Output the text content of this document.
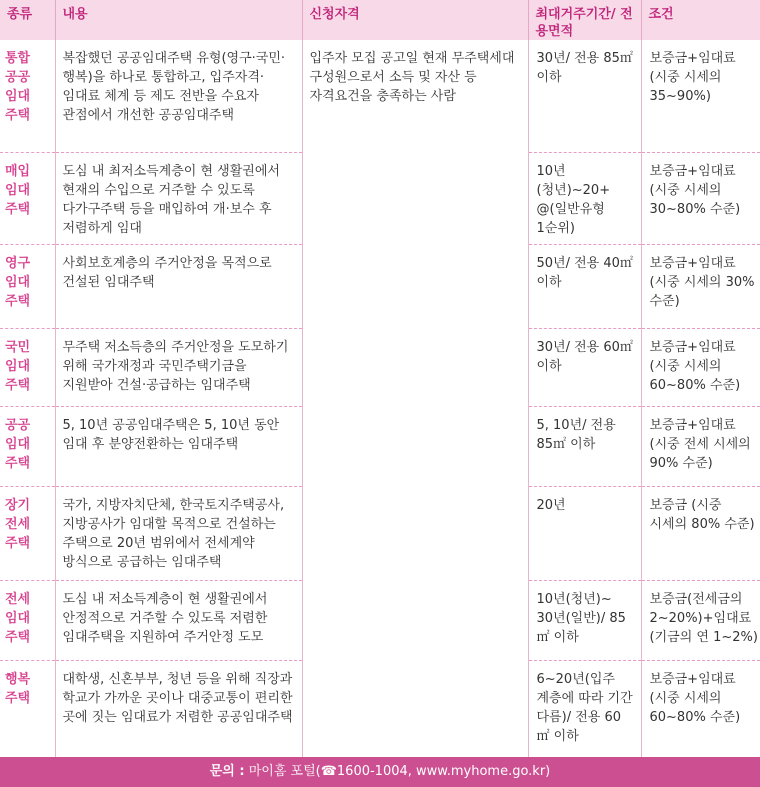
종류	내용	신청자격	최대거주기간/ 전용면적	조건
통합 공공 임대 주택	복잡했던 공공임대주택 유형(영구·국민·행복)을 하나로 통합하고, 입주자격·임대료 체계 등 제도 전반을 수요자 관점에서 개선한 공공임대주택	입주자 모집 공고일 현재 무주택세대 구성원으로서 소득 및 자산 등 자격요건을 충족하는 사람	30년/ 전용 85㎡ 이하	보증금+임대료 (시중 시세의 35~90%)
매입 임대 주택	도심 내 최저소득계층이 현 생활권에서 현재의 수입으로 거주할 수 있도록 다가구주택 등을 매입하여 개·보수 후 저렴하게 임대		10년 (청년)~20+ @(일반유형 1순위)	보증금+임대료 (시중 시세의 30~80% 수준)
영구 임대 주택	사회보호계층의 주거안정을 목적으로 건설된 임대주택		50년/ 전용 40㎡ 이하	보증금+임대료 (시중 시세의 30% 수준)
국민 임대 주택	무주택 저소득층의 주거안정을 도모하기 위해 국가재정과 국민주택기금을 지원받아 건설·공급하는 임대주택		30년/ 전용 60㎡ 이하	보증금+임대료 (시중 시세의 60~80% 수준)
공공 임대 주택	5, 10년 공공임대주택은 5, 10년 동안 임대 후 분양전환하는 임대주택		5, 10년/ 전용 85㎡ 이하	보증금+임대료 (시중 전세 시세의 90% 수준)
장기 전세 주택	국가, 지방자치단체, 한국토지주택공사, 지방공사가 임대할 목적으로 건설하는 주택으로 20년 범위에서 전세계약 방식으로 공급하는 임대주택		20년	보증금 (시중 시세의 80% 수준)
전세 임대 주택	도심 내 저소득계층이 현 생활권에서 안정적으로 거주할 수 있도록 저렴한 임대주택을 지원하여 주거안정 도모		10년(청년)~ 30년(일반)/ 85㎡ 이하	보증금(전세금의 2~20%)+임대료 (기금의 연 1~2%)
행복 주택	대학생, 신혼부부, 청년 등을 위해 직장과 학교가 가까운 곳이나 대중교통이 편리한 곳에 짓는 임대료가 저렴한 공공임대주택		6~20년(입주 계층에 따라 기간 다름)/ 전용 60㎡ 이하	보증금+임대료 (시중 시세의 60~80% 수준)
문의 : 마이홈 포털(☎1600-1004, www.myhome.go.kr)
